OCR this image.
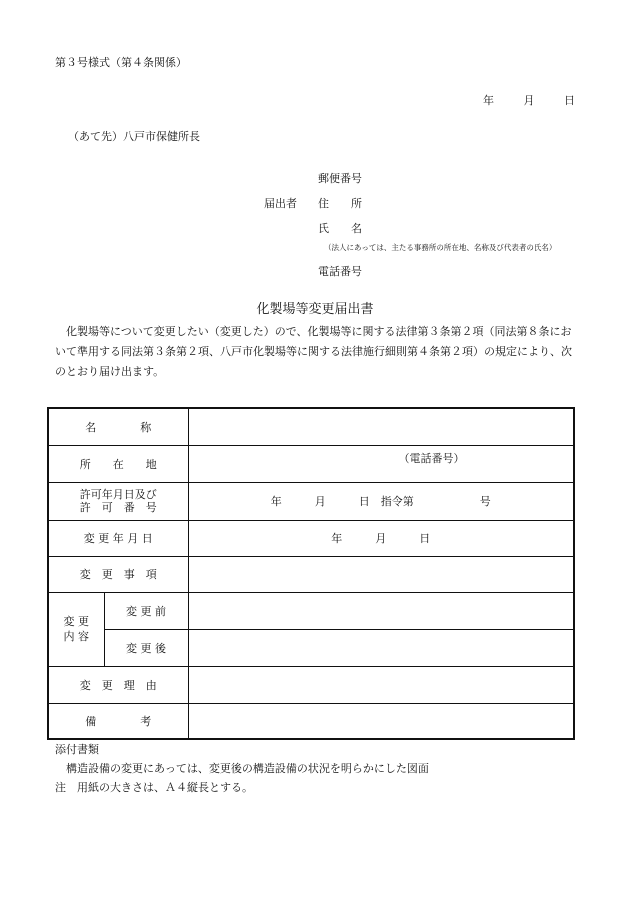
第３号様式（第４条関係）
年	月	日
（あて先）八戸市保健所長
郵便番号
届出者 住　　所
氏　　名
（法人にあっては、主たる事務所の所在地、名称及び代表者の氏名）
電話番号
化製場等変更届出書
化製場等について変更したい（変更した）ので、化製場等に関する法律第３条第２項（同法第８条において準用する同法第３条第２項、八戸市化製場等に関する法律施行細則第４条第２項）の規定により、次のとおり届け出ます。
名　　　　称		
所　　在　　地		（電話番号）

許可年月日及び
許　可　番　号		年　　　月　　　日　指令第　　　　　　号
変 更 年 月 日		年　　　月　　　日
変　更　事　項		

変 更
内 容	変 更 前	
	変 更 後	
変　更　理　由		
備　　　　考		
添付書類
構造設備の変更にあっては、変更後の構造設備の状況を明らかにした図面
注　用紙の大きさは、Ａ４縦長とする。
